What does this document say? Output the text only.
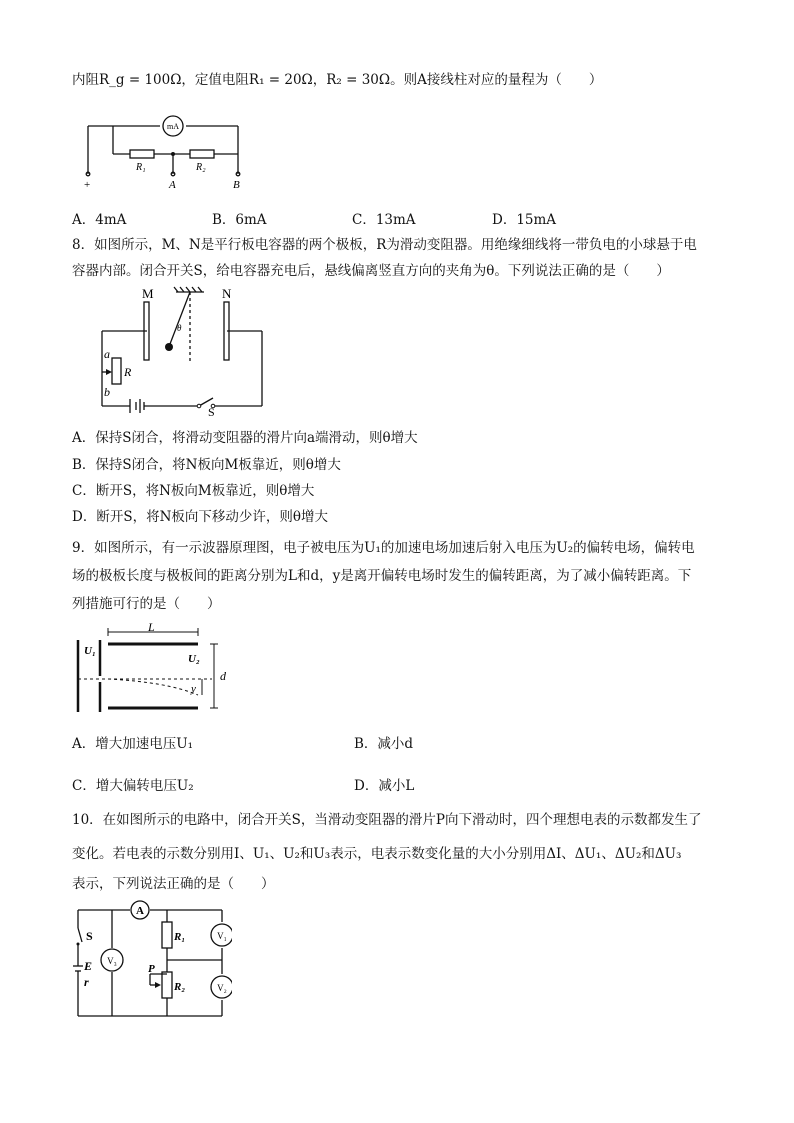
内阻R_g = 100Ω，定值电阻R₁ = 20Ω，R₂ = 30Ω。则A接线柱对应的量程为（　　）
mA
R₁	R₂
+	A	B
A．4mA	B．6mA	C．13mA	D．15mA
8．如图所示，M、N是平行板电容器的两个极板，R为滑动变阻器。用绝缘细线将一带负电的小球悬于电
容器内部。闭合开关S，给电容器充电后，悬线偏离竖直方向的夹角为θ。下列说法正确的是（　　）
M	N
θ
a
b
R
S
A．保持S闭合，将滑动变阻器的滑片向a端滑动，则θ增大
B．保持S闭合，将N板向M板靠近，则θ增大
C．断开S，将N板向M板靠近，则θ增大
D．断开S，将N板向下移动少许，则θ增大
9．如图所示，有一示波器原理图，电子被电压为U₁的加速电场加速后射入电压为U₂的偏转电场，偏转电
场的极板长度与极板间的距离分别为L和d，y是离开偏转电场时发生的偏转距离，为了减小偏转距离。下
列措施可行的是（　　）
L
U₁
U₂
y
d
A．增大加速电压U₁	B．减小d
C．增大偏转电压U₂	D．减小L
10．在如图所示的电路中，闭合开关S，当滑动变阻器的滑片P向下滑动时，四个理想电表的示数都发生了
变化。若电表的示数分别用I、U₁、U₂和U₃表示，电表示数变化量的大小分别用ΔI、ΔU₁、ΔU₂和ΔU₃
表示，下列说法正确的是（　　）
A
S
E
r
V₃
R₁	V₁
P
R₂	V₂
